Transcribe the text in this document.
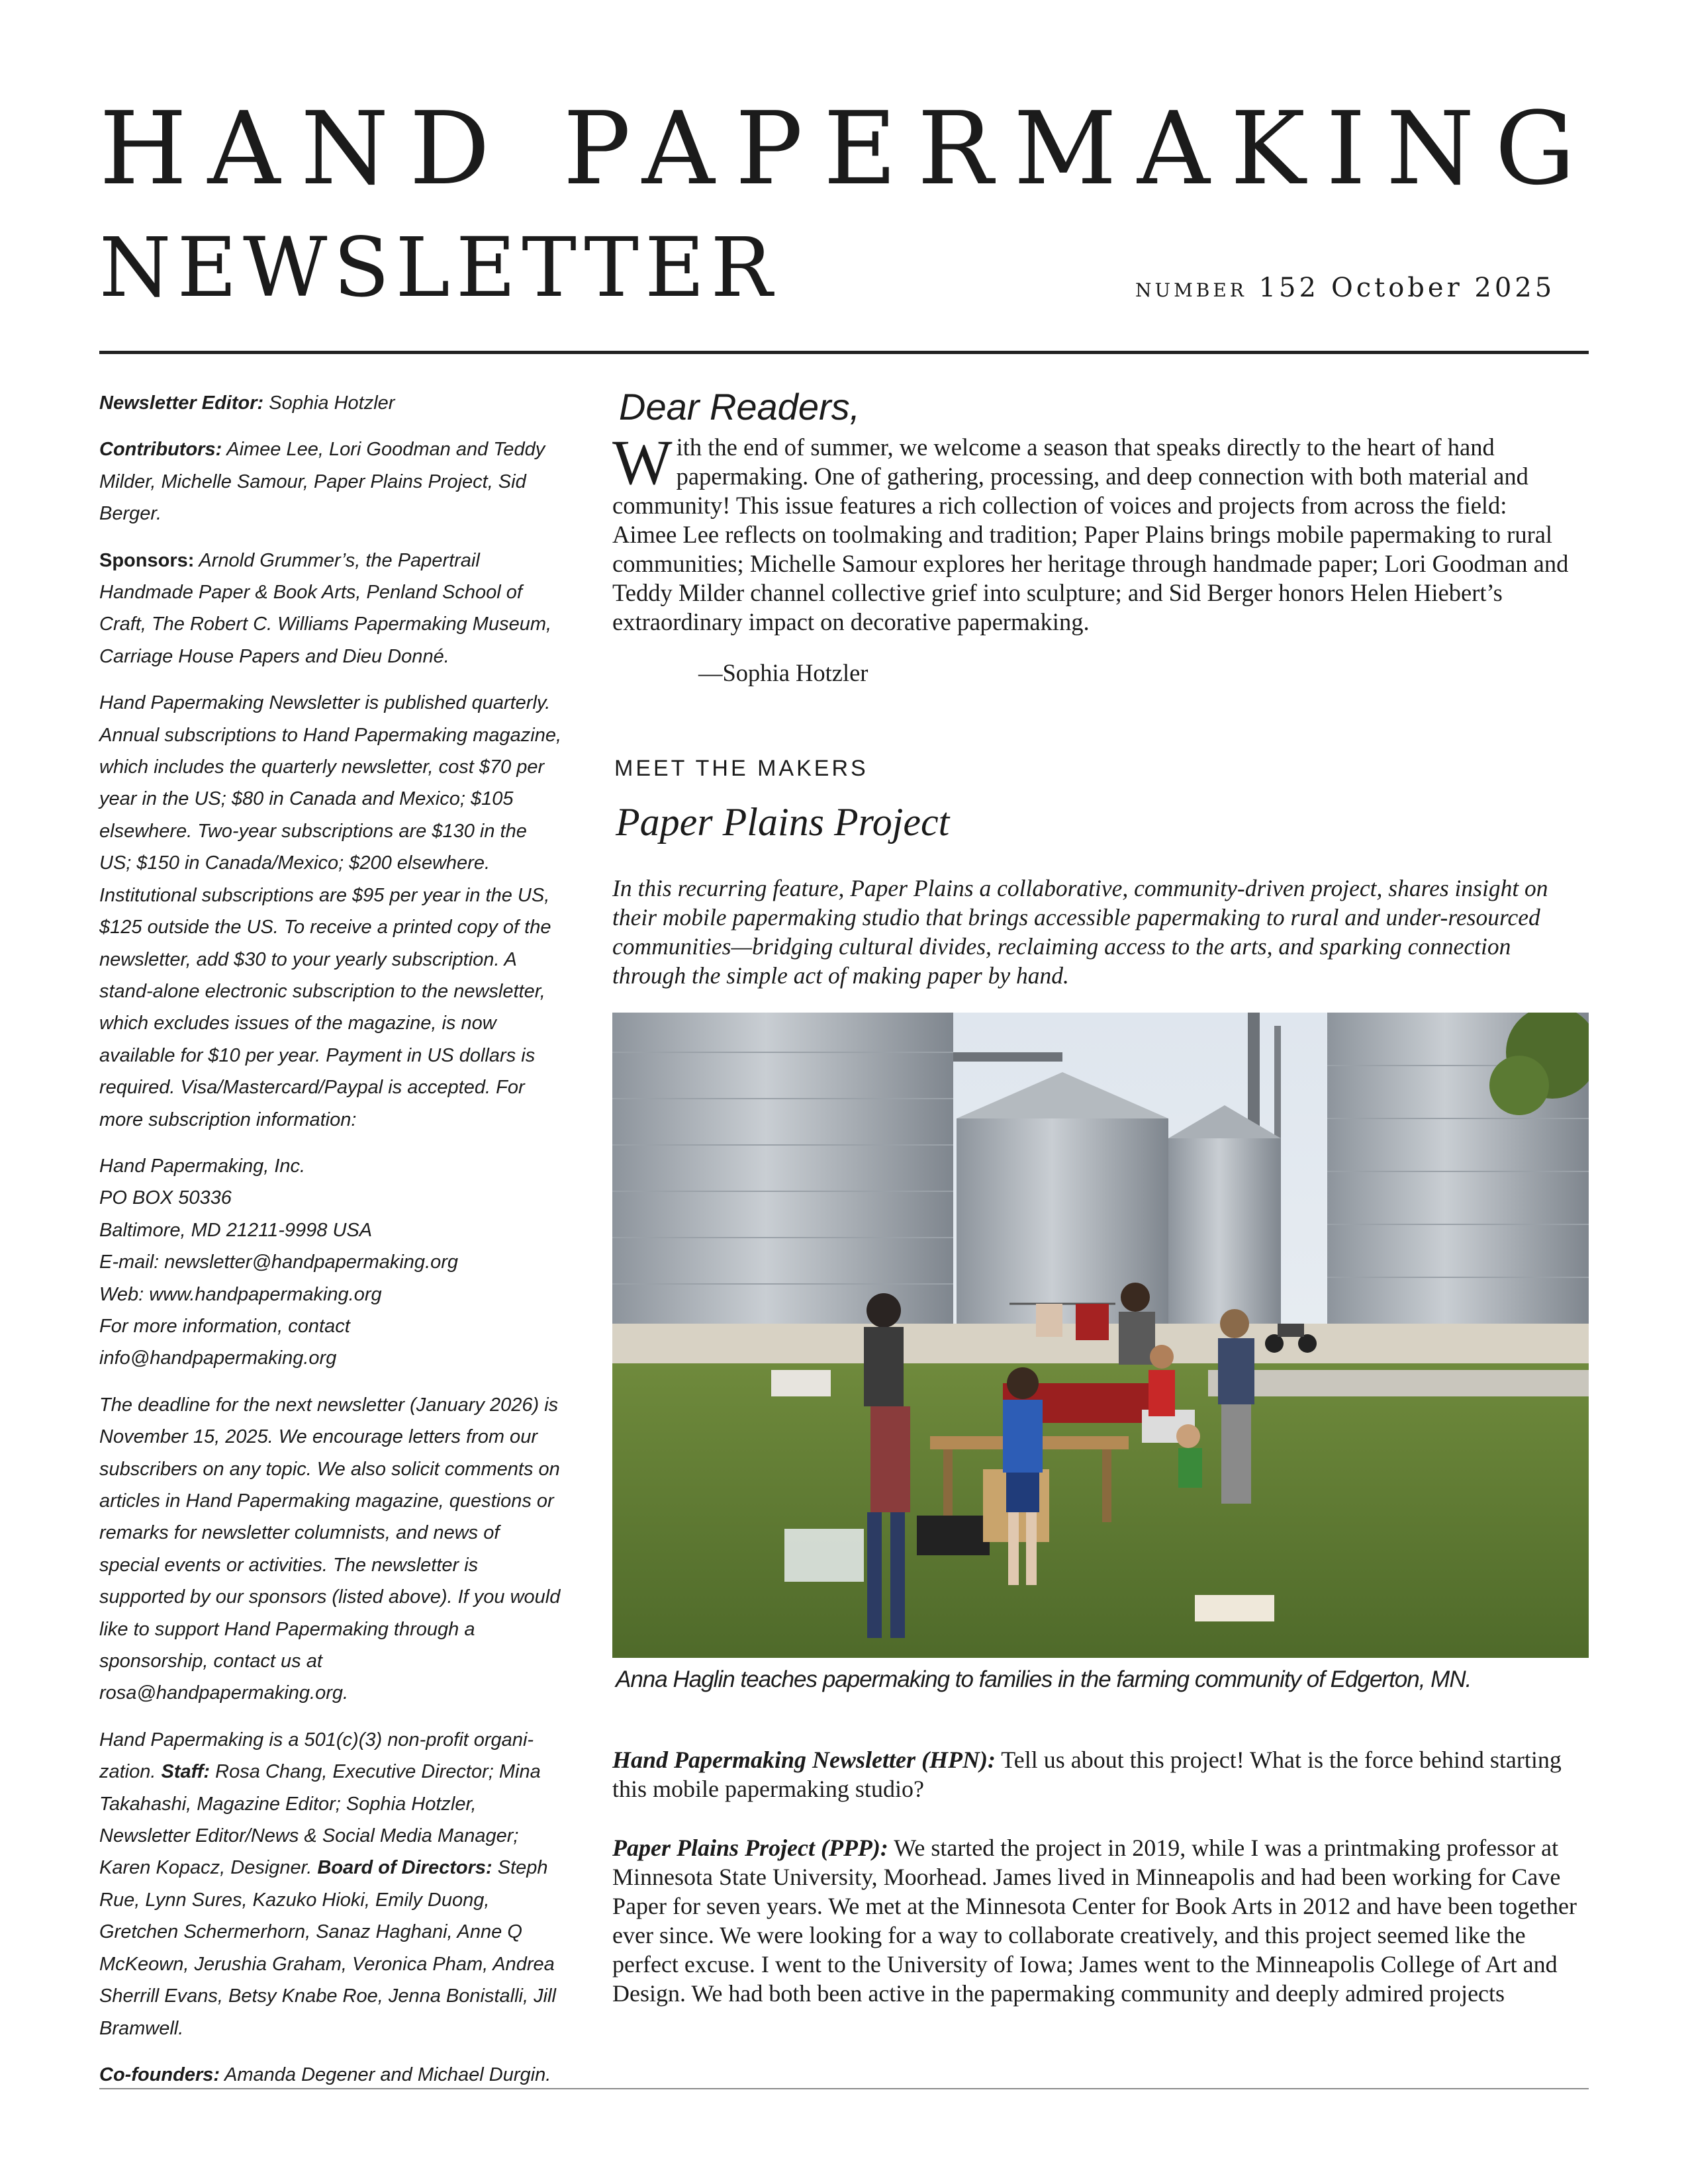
HAND PAPERMAKING
NEWSLETTER	number 152 October 2025

Newsletter Editor: Sophia Hotzler

Contributors: Aimee Lee, Lori Goodman and Teddy Milder, Michelle Samour, Paper Plains Project, Sid Berger.

Sponsors: Arnold Grummer’s, the Papertrail Handmade Paper & Book Arts, Penland School of Craft, The Robert C. Williams Papermaking Museum, Carriage House Papers and Dieu Donné.

Hand Papermaking Newsletter is published quarterly. Annual subscriptions to Hand Papermaking magazine, which includes the quarterly newsletter, cost $70 per year in the US; $80 in Canada and Mexico; $105 elsewhere. Two-year subscriptions are $130 in the US; $150 in Canada/Mexico; $200 elsewhere. Institutional subscriptions are $95 per year in the US, $125 outside the US. To receive a printed copy of the newsletter, add $30 to your yearly subscription. A stand-alone electronic subscription to the newsletter, which excludes issues of the magazine, is now available for $10 per year. Payment in US dollars is required. Visa/Mastercard/Paypal is accepted. For more subscription information:

Hand Papermaking, Inc.
PO BOX 50336
Baltimore, MD 21211-9998 USA
E-mail: newsletter@handpapermaking.org
Web: www.handpapermaking.org
For more information, contact
info@handpapermaking.org

The deadline for the next newsletter (January 2026) is November 15, 2025. We encourage letters from our subscribers on any topic. We also solicit comments on articles in Hand Papermaking magazine, questions or remarks for newsletter columnists, and news of special events or activities. The newsletter is supported by our sponsors (listed above). If you would like to support Hand Papermaking through a sponsorship, contact us at rosa@handpapermaking.org.

Hand Papermaking is a 501(c)(3) non-profit organi-zation. Staff: Rosa Chang, Executive Director; Mina Takahashi, Magazine Editor; Sophia Hotzler, Newsletter Editor/News & Social Media Manager; Karen Kopacz, Designer. Board of Directors: Steph Rue, Lynn Sures, Kazuko Hioki, Emily Duong, Gretchen Schermerhorn, Sanaz Haghani, Anne Q McKeown, Jerushia Graham, Veronica Pham, Andrea Sherrill Evans, Betsy Knabe Roe, Jenna Bonistalli, Jill Bramwell.

Co-founders: Amanda Degener and Michael Durgin.

Dear Readers,
With the end of summer, we welcome a season that speaks directly to the heart of hand papermaking. One of gathering, processing, and deep connection with both material and community! This issue features a rich collection of voices and projects from across the field: Aimee Lee reflects on toolmaking and tradition; Paper Plains brings mobile papermaking to rural communities; Michelle Samour explores her heritage through handmade paper; Lori Goodman and Teddy Milder channel collective grief into sculpture; and Sid Berger honors Helen Hiebert’s extraordinary impact on decorative papermaking.
—Sophia Hotzler
MEET THE MAKERS
Paper Plains Project
In this recurring feature, Paper Plains a collaborative, community-driven project, shares insight on their mobile papermaking studio that brings accessible papermaking to rural and under-resourced communities—bridging cultural divides, reclaiming access to the arts, and sparking connection through the simple act of making paper by hand.
Anna Haglin teaches papermaking to families in the farming community of Edgerton, MN.
Hand Papermaking Newsletter (HPN): Tell us about this project! What is the force behind starting this mobile papermaking studio?
Paper Plains Project (PPP): We started the project in 2019, while I was a printmaking professor at Minnesota State University, Moorhead. James lived in Minneapolis and had been working for Cave Paper for seven years. We met at the Minnesota Center for Book Arts in 2012 and have been together ever since. We were looking for a way to collaborate creatively, and this project seemed like the perfect excuse. I went to the University of Iowa; James went to the Minneapolis College of Art and Design. We had both been active in the papermaking community and deeply admired projects
